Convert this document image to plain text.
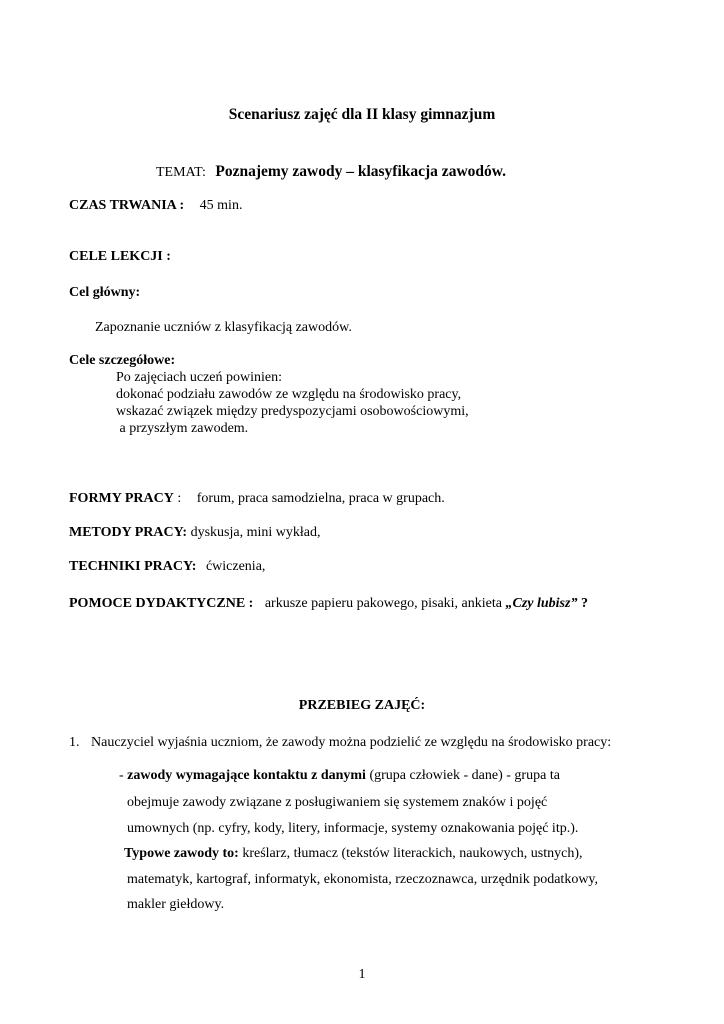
Scenariusz zajęć dla II klasy gimnazjum
TEMAT: Poznajemy zawody – klasyfikacja zawodów.
CZAS TRWANIA : 45 min.
CELE LEKCJI :
Cel główny:
Zapoznanie uczniów z klasyfikacją zawodów.
Cele szczegółowe:
Po zajęciach uczeń powinien:
dokonać podziału zawodów ze względu na środowisko pracy,
wskazać związek między predyspozycjami osobowościowymi,
a przyszłym zawodem.
FORMY PRACY : forum, praca samodzielna, praca w grupach.
METODY PRACY: dyskusja, mini wykład,
TECHNIKI PRACY: ćwiczenia,
POMOCE DYDAKTYCZNE : arkusze papieru pakowego, pisaki, ankieta „Czy lubisz” ?
PRZEBIEG ZAJĘĆ:
1. Nauczyciel wyjaśnia uczniom, że zawody można podzielić ze względu na środowisko pracy:
- zawody wymagające kontaktu z danymi (grupa człowiek - dane) - grupa ta
obejmuje zawody związane z posługiwaniem się systemem znaków i pojęć
umownych (np. cyfry, kody, litery, informacje, systemy oznakowania pojęć itp.).
Typowe zawody to: kreślarz, tłumacz (tekstów literackich, naukowych, ustnych),
matematyk, kartograf, informatyk, ekonomista, rzeczoznawca, urzędnik podatkowy,
makler giełdowy.
1
